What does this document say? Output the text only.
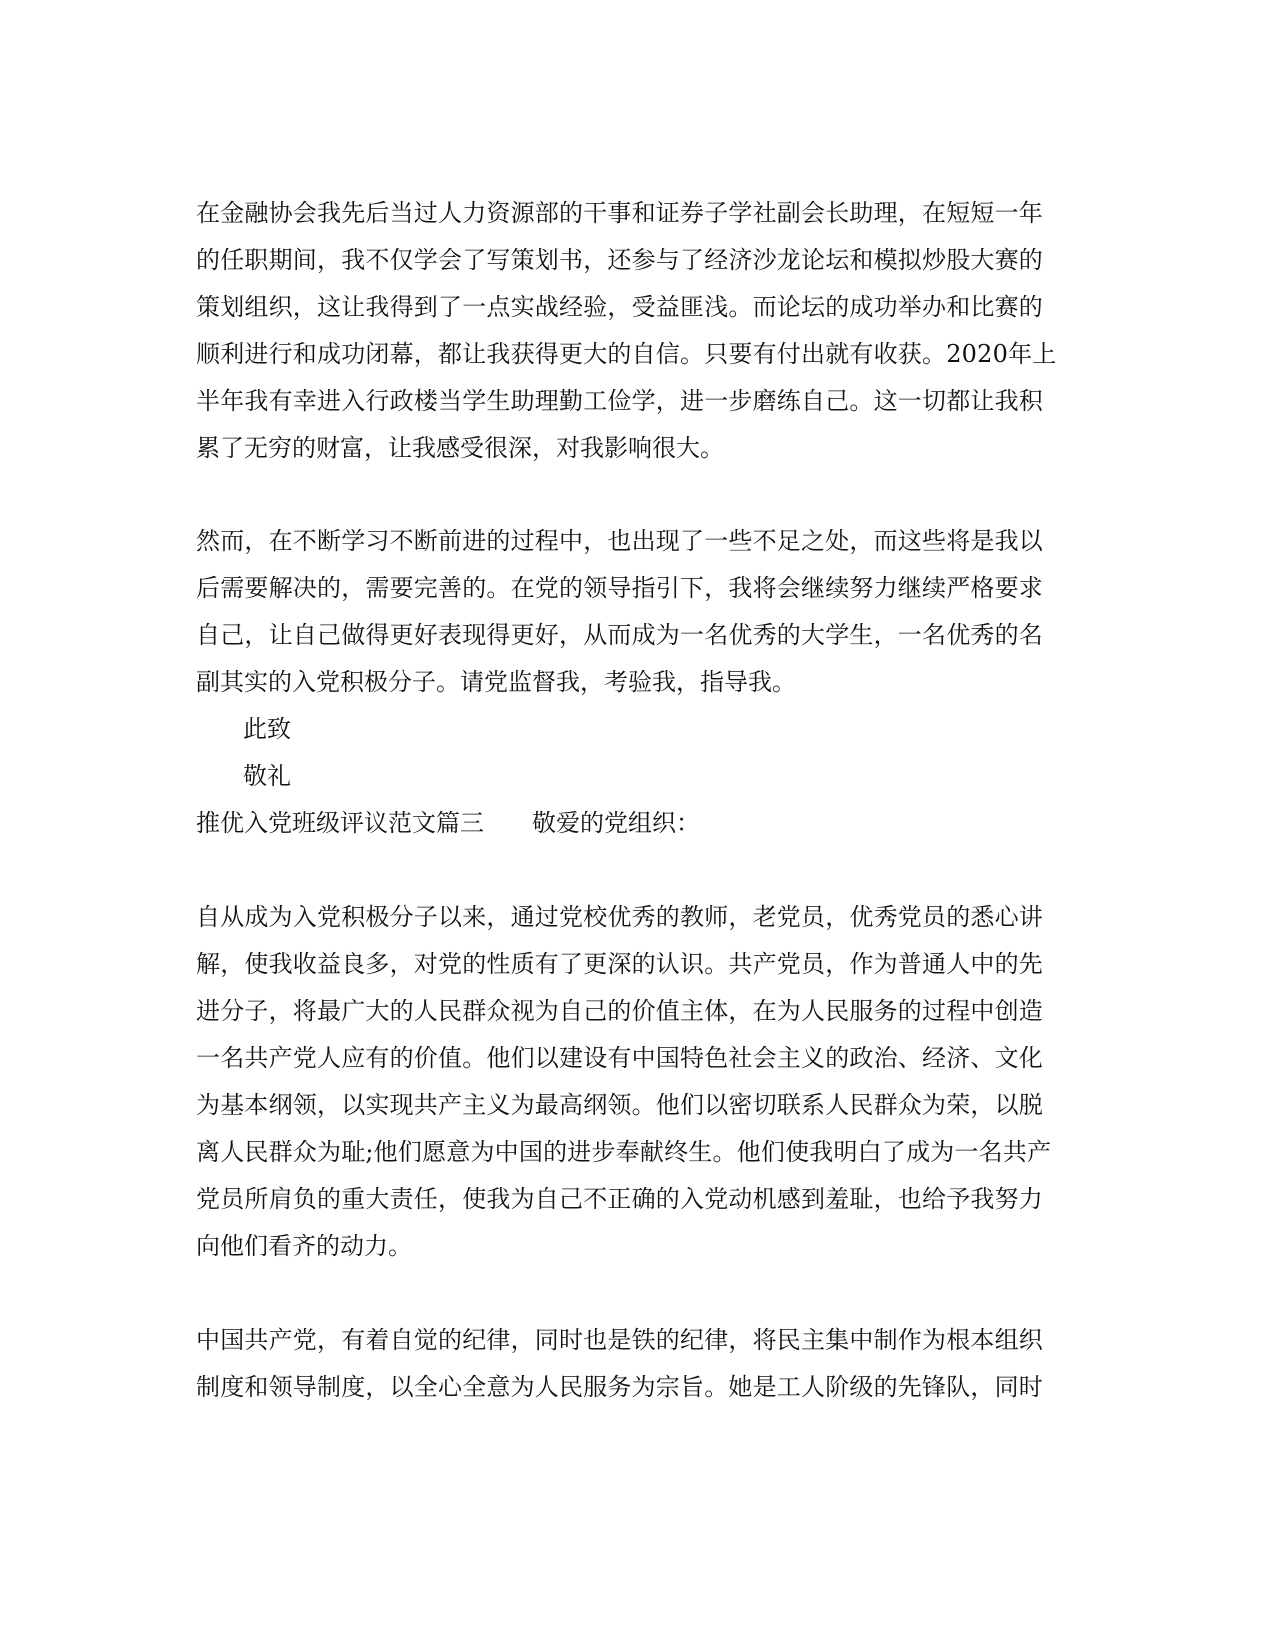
在金融协会我先后当过人力资源部的干事和证券子学社副会长助理，在短短一年
的任职期间，我不仅学会了写策划书，还参与了经济沙龙论坛和模拟炒股大赛的
策划组织，这让我得到了一点实战经验，受益匪浅。而论坛的成功举办和比赛的
顺利进行和成功闭幕，都让我获得更大的自信。只要有付出就有收获。2020年上
半年我有幸进入行政楼当学生助理勤工俭学，进一步磨练自己。这一切都让我积
累了无穷的财富，让我感受很深，对我影响很大。
然而，在不断学习不断前进的过程中，也出现了一些不足之处，而这些将是我以
后需要解决的，需要完善的。在党的领导指引下，我将会继续努力继续严格要求
自己，让自己做得更好表现得更好，从而成为一名优秀的大学生，一名优秀的名
副其实的入党积极分子。请党监督我，考验我，指导我。
此致
敬礼
推优入党班级评议范文篇三　　敬爱的党组织：
自从成为入党积极分子以来，通过党校优秀的教师，老党员，优秀党员的悉心讲
解，使我收益良多，对党的性质有了更深的认识。共产党员，作为普通人中的先
进分子，将最广大的人民群众视为自己的价值主体，在为人民服务的过程中创造
一名共产党人应有的价值。他们以建设有中国特色社会主义的政治、经济、文化
为基本纲领，以实现共产主义为最高纲领。他们以密切联系人民群众为荣，以脱
离人民群众为耻;他们愿意为中国的进步奉献终生。他们使我明白了成为一名共产
党员所肩负的重大责任，使我为自己不正确的入党动机感到羞耻，也给予我努力
向他们看齐的动力。
中国共产党，有着自觉的纪律，同时也是铁的纪律，将民主集中制作为根本组织
制度和领导制度，以全心全意为人民服务为宗旨。她是工人阶级的先锋队，同时
